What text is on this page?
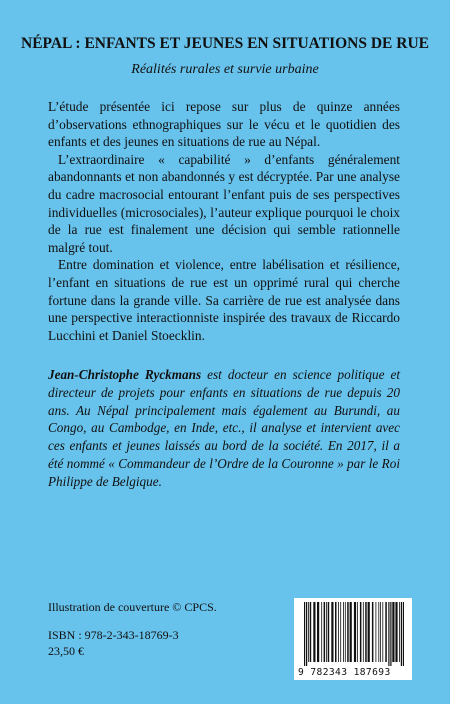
NÉPAL : ENFANTS ET JEUNES EN SITUATIONS DE RUE
Réalités rurales et survie urbaine

L’étude présentée ici repose sur plus de quinze années d’observations ethnographiques sur le vécu et le quotidien des enfants et des jeunes en situations de rue au Népal.

L’extraordinaire « capabilité » d’enfants généralement abandonnants et non abandonnés y est décryptée. Par une analyse du cadre macrosocial entourant l’enfant puis de ses perspectives individuelles (microsociales), l’auteur explique pourquoi le choix de la rue est finalement une décision qui semble rationnelle malgré tout.

Entre domination et violence, entre labélisation et résilience, l’enfant en situations de rue est un opprimé rural qui cherche fortune dans la grande ville. Sa carrière de rue est analysée dans une perspective interactionniste inspirée des travaux de Riccardo Lucchini et Daniel Stoecklin.

Jean-Christophe Ryckmans est docteur en science politique et directeur de projets pour enfants en situations de rue depuis 20 ans. Au Népal principalement mais également au Burundi, au Congo, au Cambodge, en Inde, etc., il analyse et intervient avec ces enfants et jeunes laissés au bord de la société. En 2017, il a été nommé « Commandeur de l’Ordre de la Couronne » par le Roi Philippe de Belgique.
Illustration de couverture © CPCS.
ISBN : 978-2-343-18769-3
23,50 €
9 782343 187693
